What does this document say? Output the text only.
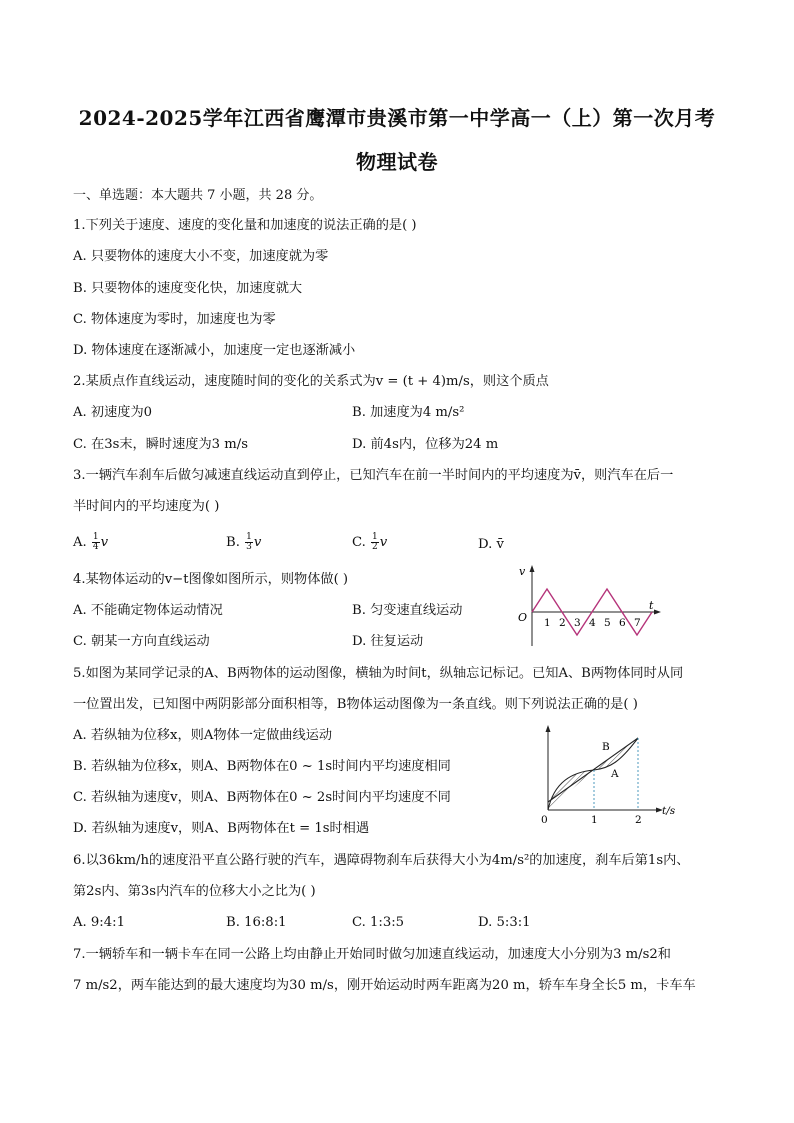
2024-2025学年江西省鹰潭市贵溪市第一中学高一（上）第一次月考
物理试卷
一、单选题：本大题共 7 小题，共 28 分。
1.下列关于速度、速度的变化量和加速度的说法正确的是( )
A. 只要物体的速度大小不变，加速度就为零
B. 只要物体的速度变化快，加速度就大
C. 物体速度为零时，加速度也为零
D. 物体速度在逐渐减小，加速度一定也逐渐减小
2.某质点作直线运动，速度随时间的变化的关系式为v = (t + 4)m/s，则这个质点
A. 初速度为0	B. 加速度为4 m/s²
C. 在3s末，瞬时速度为3 m/s	D. 前4s内，位移为24 m
3.一辆汽车刹车后做匀减速直线运动直到停止，已知汽车在前一半时间内的平均速度为v̄，则汽车在后一
半时间内的平均速度为( )
A. $\frac{1}{4}$ v	B. $\frac{1}{3}$ v	C. $\frac{1}{2}$ v	D. v̄
4.某物体运动的v−t图像如图所示，则物体做( )
A. 不能确定物体运动情况	B. 匀变速直线运动
C. 朝某一方向直线运动	D. 往复运动
v
t
O 1 2 3 4 5 6 7
5.如图为某同学记录的A、B两物体的运动图像，横轴为时间t，纵轴忘记标记。已知A、B两物体同时从同
一位置出发，已知图中两阴影部分面积相等，B物体运动图像为一条直线。则下列说法正确的是( )
A. 若纵轴为位移x，则A物体一定做曲线运动
B. 若纵轴为位移x，则A、B两物体在0 ~ 1s时间内平均速度相同
C. 若纵轴为速度v，则A、B两物体在0 ~ 2s时间内平均速度不同
D. 若纵轴为速度v，则A、B两物体在t = 1s时相遇
B
A
0	1	2
t/s
6.以36km/h的速度沿平直公路行驶的汽车，遇障碍物刹车后获得大小为4m/s²的加速度，刹车后第1s内、
第2s内、第3s内汽车的位移大小之比为( )
A. 9:4:1	B. 16:8:1	C. 1:3:5	D. 5:3:1
7.一辆轿车和一辆卡车在同一公路上均由静止开始同时做匀加速直线运动，加速度大小分别为3 m/s2和
7 m/s2，两车能达到的最大速度均为30 m/s，刚开始运动时两车距离为20 m，轿车车身全长5 m，卡车车
